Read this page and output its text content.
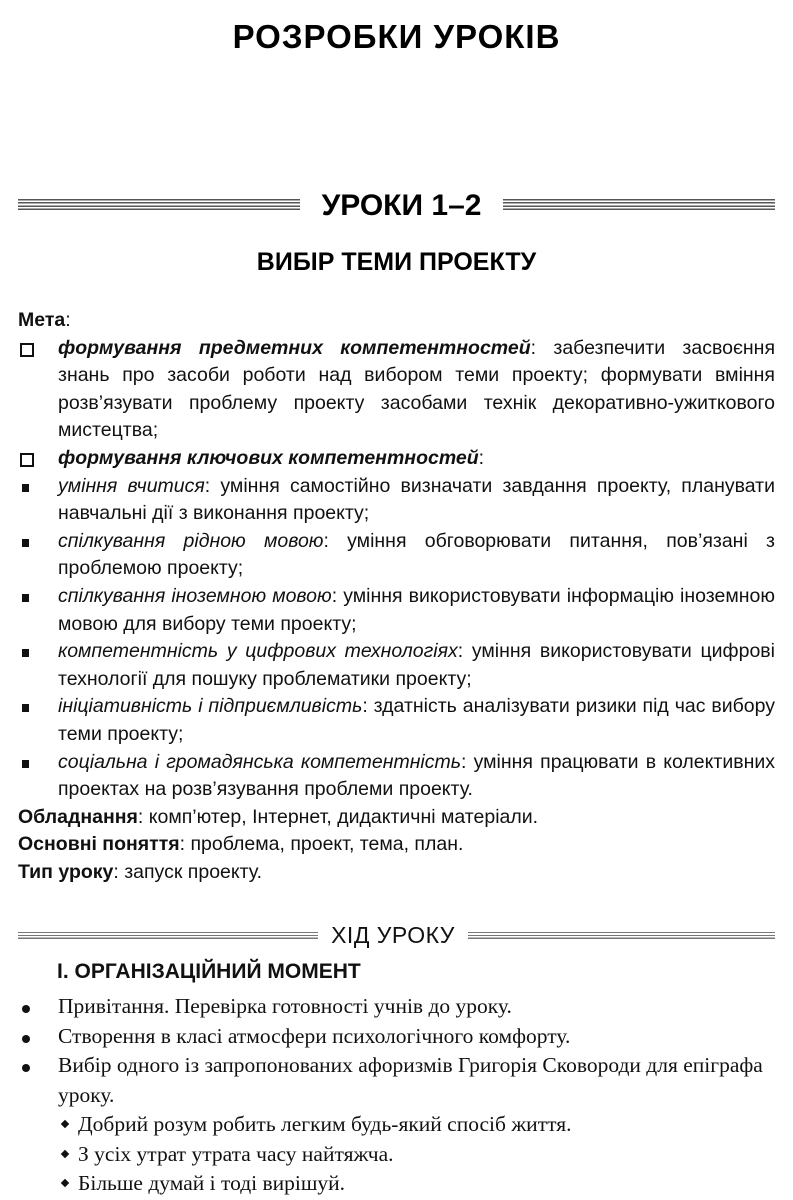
РОЗРОБКИ УРОКІВ
УРОКИ 1–2
ВИБІР ТЕМИ ПРОЕКТУ
Мета:
формування предметних компетентностей: забезпечити засвоєння знань про засоби роботи над вибором теми проекту; формувати вміння розв’язувати проблему проекту засобами технік декоративно-ужиткового мистецтва;
формування ключових компетентностей:
уміння вчитися: уміння самостійно визначати завдання проекту, планувати навчальні дії з виконання проекту;
спілкування рідною мовою: уміння обговорювати питання, пов’язані з проблемою проекту;
спілкування іноземною мовою: уміння використовувати інформацію іноземною мовою для вибору теми проекту;
компетентність у цифрових технологіях: уміння використовувати цифрові технології для пошуку проблематики проекту;
ініціативність і підприємливість: здатність аналізувати ризики під час вибору теми проекту;
соціальна і громадянська компетентність: уміння працювати в колективних проектах на розв’язування проблеми проекту.
Обладнання: комп’ютер, Інтернет, дидактичні матеріали.
Основні поняття: проблема, проект, тема, план.
Тип уроку: запуск проекту.
ХІД УРОКУ
І. ОРГАНІЗАЦІЙНИЙ МОМЕНТ
Привітання. Перевірка готовності учнів до уроку.
Створення в класі атмосфери психологічного комфорту.
Вибір одного із запропонованих афоризмів Григорія Сковороди для епіграфа уроку.
Добрий розум робить легким будь-який спосіб життя.
З усіх утрат утрата часу найтяжча.
Більше думай і тоді вирішуй.
